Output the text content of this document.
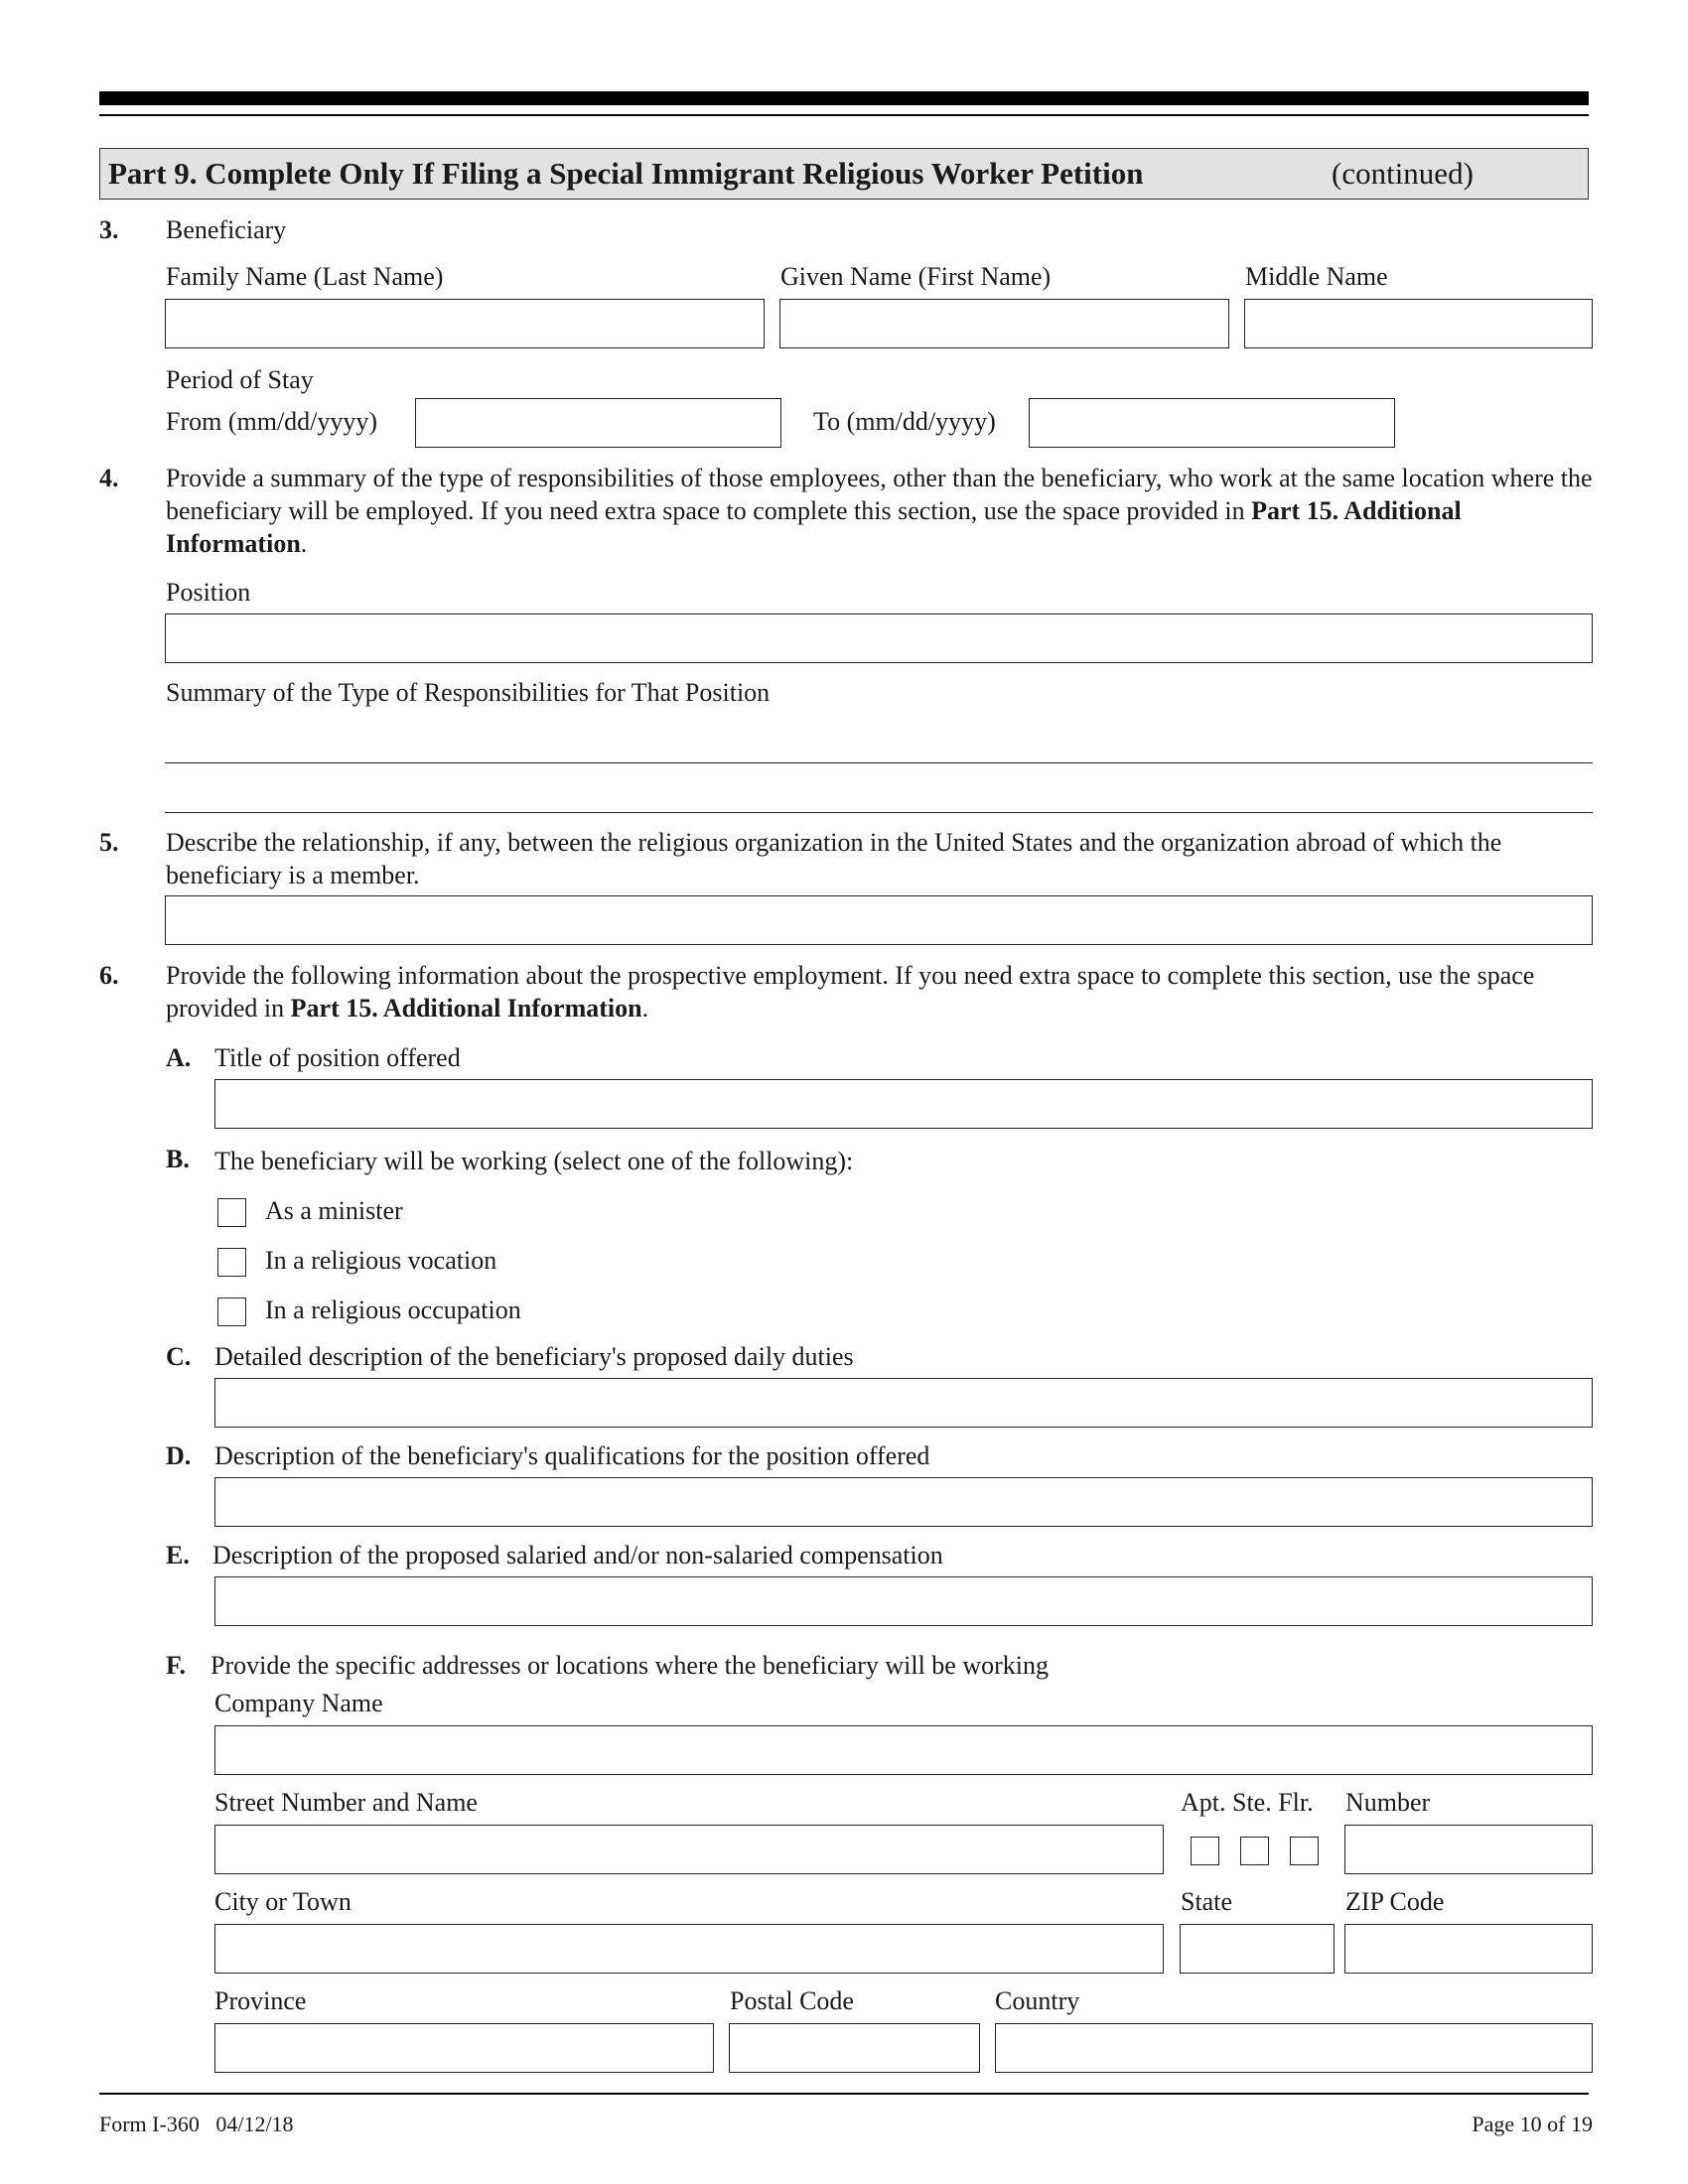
Part 9. Complete Only If Filing a Special Immigrant Religious Worker Petition	(continued)
3. Beneficiary
Family Name (Last Name)	Given Name (First Name)	Middle Name
Period of Stay
From (mm/dd/yyyy)	To (mm/dd/yyyy)
4. Provide a summary of the type of responsibilities of those employees, other than the beneficiary, who work at the same location where the beneficiary will be employed. If you need extra space to complete this section, use the space provided in Part 15. Additional Information.
Position
Summary of the Type of Responsibilities for That Position
5. Describe the relationship, if any, between the religious organization in the United States and the organization abroad of which the beneficiary is a member.
6. Provide the following information about the prospective employment. If you need extra space to complete this section, use the space provided in Part 15. Additional Information.
A. Title of position offered
B. The beneficiary will be working (select one of the following):
As a minister
In a religious vocation
In a religious occupation
C. Detailed description of the beneficiary's proposed daily duties
D. Description of the beneficiary's qualifications for the position offered
E. Description of the proposed salaried and/or non-salaried compensation
F. Provide the specific addresses or locations where the beneficiary will be working
Company Name
Street Number and Name	Apt. Ste. Flr. Number
City or Town	State	ZIP Code
Province	Postal Code	Country
Form I-360   04/12/18	Page 10 of 19
